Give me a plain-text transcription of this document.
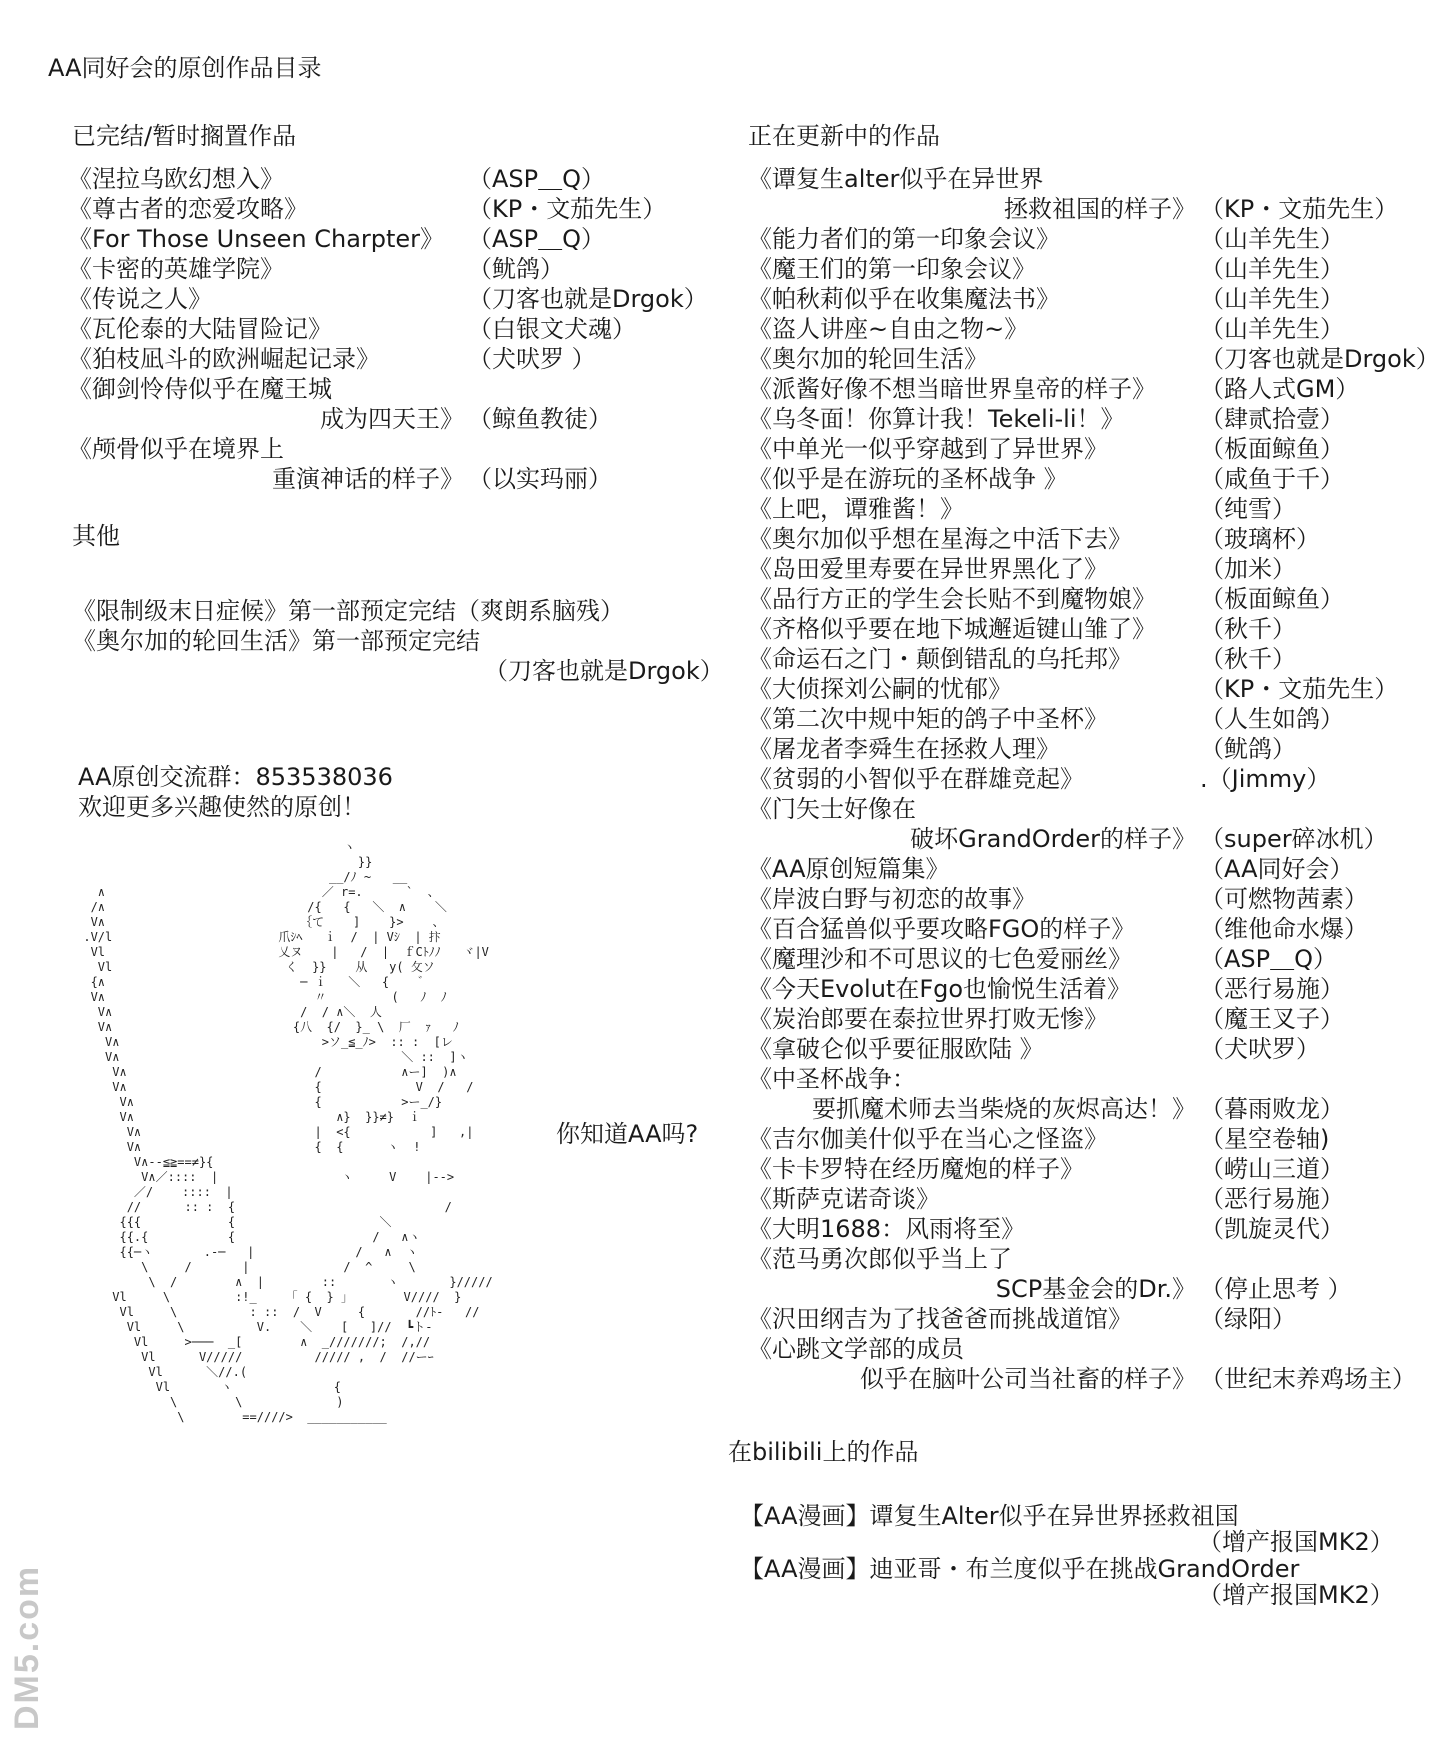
AA同好会的原创作品目录
已完结/暂时搁置作品
《涅拉乌欧幻想入》	（ASP＿Q）
《尊古者的恋爱攻略》	（KP・文茄先生）
《For Those Unseen Charpter》 （ASP＿Q）
《卡密的英雄学院》	（鱿鸽）
《传说之人》	（刀客也就是Drgok）
《瓦伦泰的大陆冒险记》	（白银文犬魂）
《狛枝凪斗的欧洲崛起记录》	（犬吠罗 ）
《御剑怜侍似乎在魔王城
成为四天王》 （鲸鱼教徒）
《颅骨似乎在境界上
重演神话的样子》 （以实玛丽）
其他
《限制级末日症候》第一部预定完结（爽朗系脑残）
《奥尔加的轮回生活》第一部预定完结
（刀客也就是Drgok）
AA原创交流群：853538036
欢迎更多兴趣使然的原创！
你知道AA吗?
正在更新中的作品
《谭复生alter似乎在异世界
拯救祖国的样子》 （KP・文茄先生）
《能力者们的第一印象会议》	（山羊先生）
《魔王们的第一印象会议》	（山羊先生）
《帕秋莉似乎在收集魔法书》	（山羊先生）
《盗人讲座~自由之物~》	（山羊先生）
《奥尔加的轮回生活》	（刀客也就是Drgok）
《派酱好像不想当暗世界皇帝的样子》 （路人式GM）
《乌冬面！你算计我！Tekeli-li！》	（肆贰拾壹）
《中单光一似乎穿越到了异世界》	（板面鲸鱼）
《似乎是在游玩的圣杯战争 》	（咸鱼于千）
《上吧，谭雅酱！》	（纯雪）
《奥尔加似乎想在星海之中活下去》	（玻璃杯）
《岛田爱里寿要在异世界黑化了》	（加米）
《品行方正的学生会长贴不到魔物娘》 （板面鲸鱼）
《齐格似乎要在地下城邂逅键山雏了》 （秋千）
《命运石之门・颠倒错乱的乌托邦》	（秋千）
《大侦探刘公嗣的忧郁》	（KP・文茄先生）
《第二次中规中矩的鸽子中圣杯》	（人生如鸽）
《屠龙者李舜生在拯救人理》	（鱿鸽）
《贫弱的小智似乎在群雄竞起》	.（Jimmy）
《门矢士好像在
破坏GrandOrder的样子》 （super碎冰机）
《AA原创短篇集》	（AA同好会）
《岸波白野与初恋的故事》	（可燃物茜素）
《百合猛兽似乎要攻略FGO的样子》	（维他命水爆）
《魔理沙和不可思议的七色爱丽丝》	（ASP＿Q）
《今天Evolut在Fgo也愉悦生活着》	（恶行易施）
《炭治郎要在泰拉世界打败无惨》	（魔王叉子）
《拿破仑似乎要征服欧陆 》	（犬吠罗）
《中圣杯战争：
要抓魔术师去当柴烧的灰烬高达！》 （暮雨败龙）
《吉尔伽美什似乎在当心之怪盗》	（星空卷轴)
《卡卡罗特在经历魔炮的样子》	（崂山三道）
《斯萨克诺奇谈》	（恶行易施）
《大明1688：风雨将至》	（凯旋灵代）
《范马勇次郎似乎当上了
SCP基金会的Dr.》 （停止思考 ）
《沢田纲吉为了找爸爸而挑战道馆》	（绿阳）
《心跳文学部的成员
似乎在脑叶公司当社畜的样子》 （世纪末养鸡场主）
在bilibili上的作品
【AA漫画】谭复生Alter似乎在异世界拯救祖国
（增产报国MK2）
【AA漫画】迪亚哥・布兰度似乎在挑战GrandOrder
（增产报国MK2）
ヽ
}}
__/ﾉ ~   __
∧                              ／ r=.      `  、
/∧                            /{   {   ＼  ∧    ＼
V∧                           ｛て    ]    }>    、
.V/l                       爪ｼﾍ   ｉ  /  | Vｼ  | 抃
Vl                        乂ヌ    |   /  |  ｆCﾄﾉﾉ   ヾ|V
Vl                        く  }}    从   y( 攵ソ
{∧                           ─ ｉ   ＼   {    ゛
V∧                             〃         (   ﾉ  ﾉ
V∧                          /  / ∧＼  人
V∧                         {八  {/  }_ \  厂  ｧ   ﾉ
V∧                            >ソ_≦_ﾉ>  :: :  [レ
V∧                                       ＼ ::  ]ヽ
V∧                          /           ∧ー]  )∧
V∧                          {             V  /   /
V∧                         {           >ー_/}
V∧                            ∧}  }}≠}  ｉ
V∧                        |  <{           ]   ,|
V∧                        {  {      ヽ  !
V∧--≦≧==≠}{
V∧／::::  |                 ヽ     V    |-->
／/    ::::  |
//      :: :  {                             /
{{{            {                    ＼
{{.{           {                   /   ∧ヽ
{{─ヽ       .-─   |              /   ∧  ヽ
\     /       |             /  ^     \
\  /        ∧  |        ::       ヽ       }/////
Vl     \         :!_    「 {  } 」       V////  }
Vl     \          : ::  /  V     {       //ﾄ-   //
Vl     \          V.    ＼    [   ]//  ┗ト-
Vl     >───  _[        ∧  _///////;  /,//
Vl      V/////          ///// ,  /  //ーｰ
Vl      ＼//.(
Vl       ヽ              {
\        \             )
\        ==////>  ___________

DM5.com
